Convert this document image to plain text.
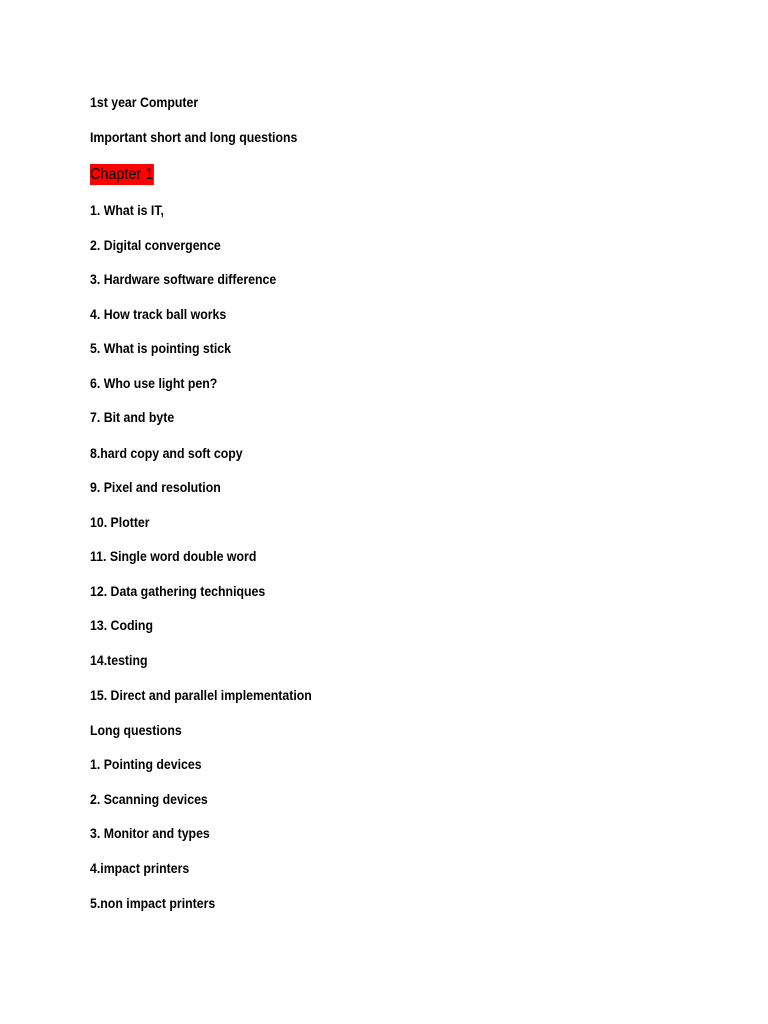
1st year Computer

Important short and long questions

Chapter 1

1. What is IT,

2. Digital convergence

3. Hardware software difference

4. How track ball works

5. What is pointing stick

6. Who use light pen?

7. Bit and byte

8.hard copy and soft copy

9. Pixel and resolution

10. Plotter

11. Single word double word

12. Data gathering techniques

13. Coding

14.testing

15. Direct and parallel implementation

Long questions

1. Pointing devices

2. Scanning devices

3. Monitor and types

4.impact printers

5.non impact printers
